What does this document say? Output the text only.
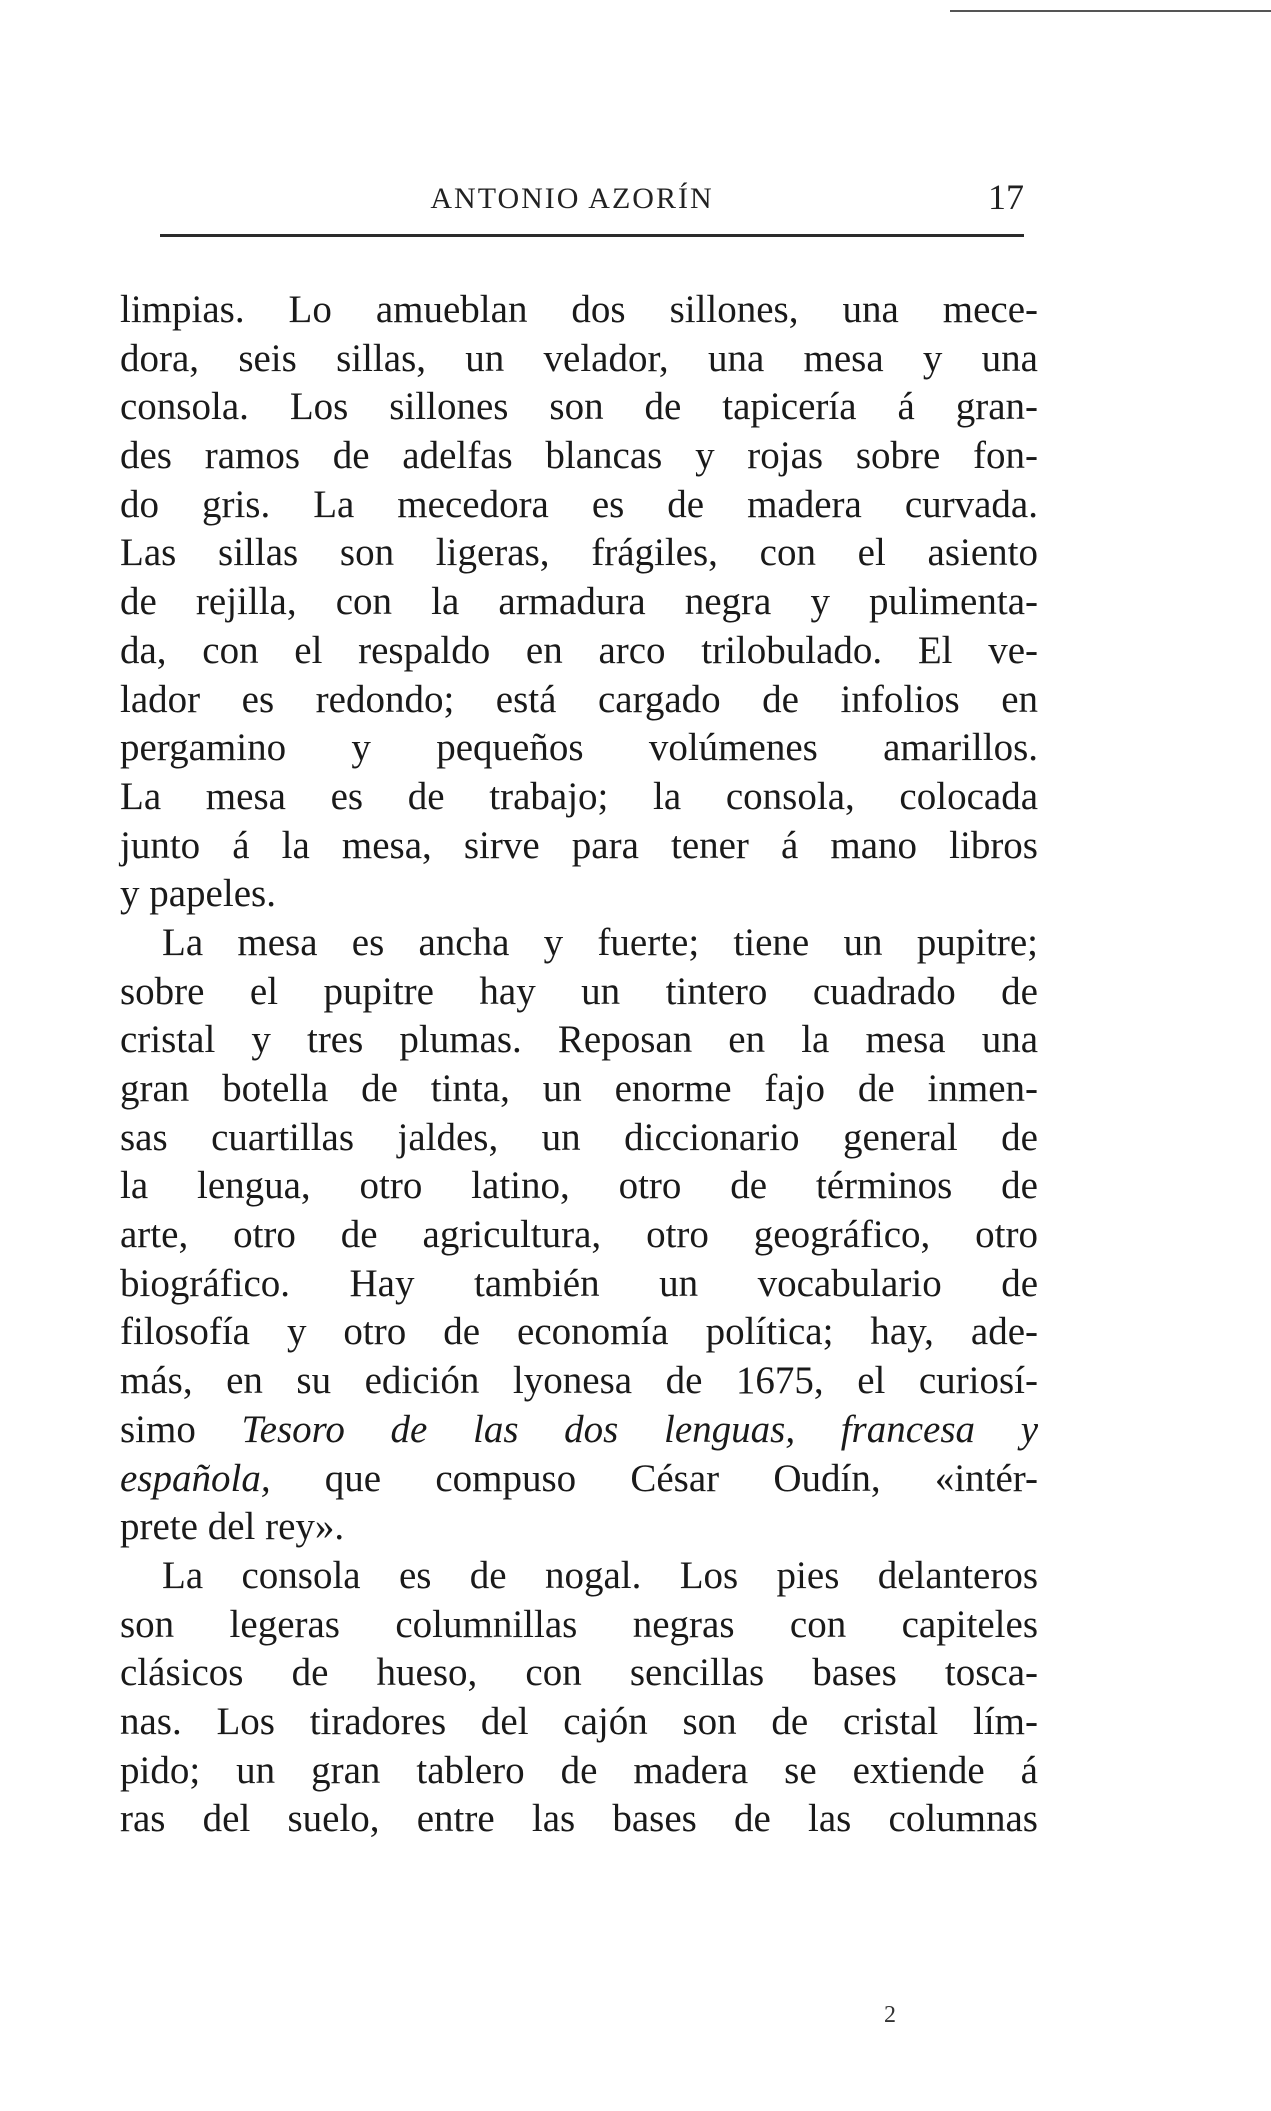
ANTONIO AZORÍN	17
limpias. Lo amueblan dos sillones, una mece-
dora, seis sillas, un velador, una mesa y una
consola. Los sillones son de tapicería á gran-
des ramos de adelfas blancas y rojas sobre fon-
do gris. La mecedora es de madera curvada.
Las sillas son ligeras, frágiles, con el asiento
de rejilla, con la armadura negra y pulimenta-
da, con el respaldo en arco trilobulado. El ve-
lador es redondo; está cargado de infolios en
pergamino y pequeños volúmenes amarillos.
La mesa es de trabajo; la consola, colocada
junto á la mesa, sirve para tener á mano libros
y papeles.
La mesa es ancha y fuerte; tiene un pupitre;
sobre el pupitre hay un tintero cuadrado de
cristal y tres plumas. Reposan en la mesa una
gran botella de tinta, un enorme fajo de inmen-
sas cuartillas jaldes, un diccionario general de
la lengua, otro latino, otro de términos de
arte, otro de agricultura, otro geográfico, otro
biográfico. Hay también un vocabulario de
filosofía y otro de economía política; hay, ade-
más, en su edición lyonesa de 1675, el curiosí-
simo Tesoro de las dos lenguas, francesa y
española, que compuso César Oudín, «intér-
prete del rey».
La consola es de nogal. Los pies delanteros
son legeras columnillas negras con capiteles
clásicos de hueso, con sencillas bases tosca-
nas. Los tiradores del cajón son de cristal lím-
pido; un gran tablero de madera se extiende á
ras del suelo, entre las bases de las columnas
2
